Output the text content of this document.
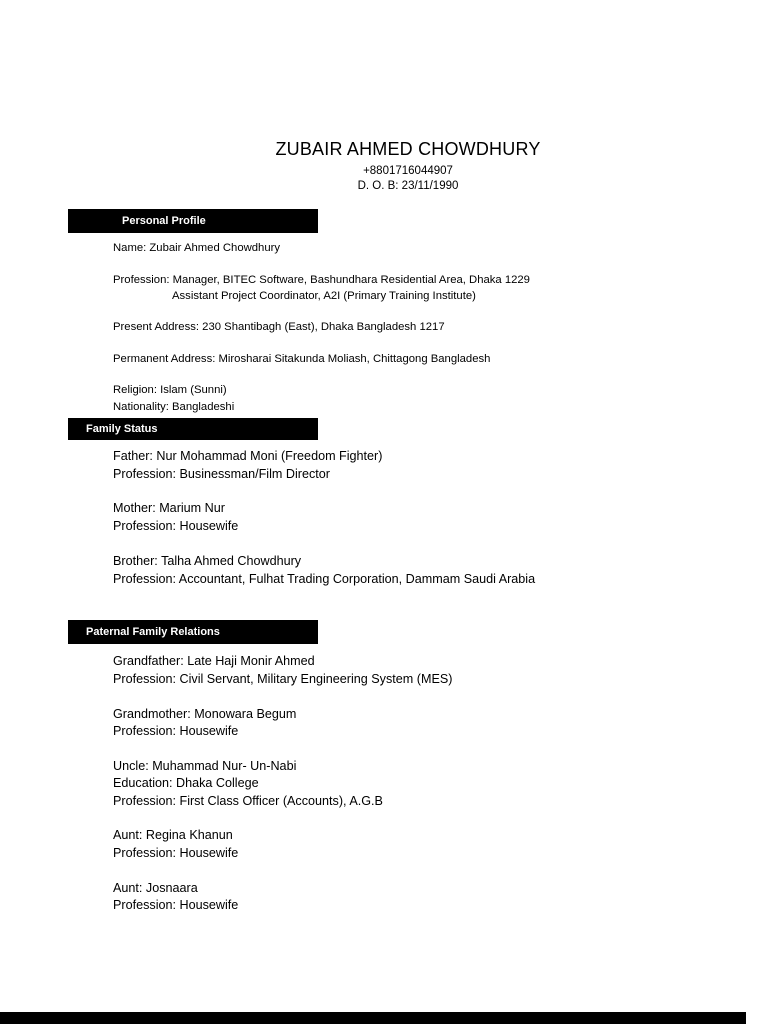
ZUBAIR AHMED CHOWDHURY
+8801716044907
D. O. B: 23/11/1990
Personal Profile
Name: Zubair Ahmed Chowdhury
Profession: Manager, BITEC Software, Bashundhara Residential Area, Dhaka 1229
Assistant Project Coordinator, A2I (Primary Training Institute)
Present Address: 230 Shantibagh (East), Dhaka Bangladesh 1217
Permanent Address: Mirosharai Sitakunda Moliash, Chittagong Bangladesh
Religion: Islam (Sunni)
Nationality: Bangladeshi
Family Status
Father: Nur Mohammad Moni (Freedom Fighter)
Profession: Businessman/Film Director
Mother: Marium Nur
Profession: Housewife
Brother: Talha Ahmed Chowdhury
Profession: Accountant, Fulhat Trading Corporation, Dammam Saudi Arabia
Paternal Family Relations
Grandfather: Late Haji Monir Ahmed
Profession: Civil Servant, Military Engineering System (MES)
Grandmother: Monowara Begum
Profession: Housewife
Uncle: Muhammad Nur- Un-Nabi
Education: Dhaka College
Profession: First Class Officer (Accounts), A.G.B
Aunt: Regina Khanun
Profession: Housewife
Aunt: Josnaara
Profession: Housewife
